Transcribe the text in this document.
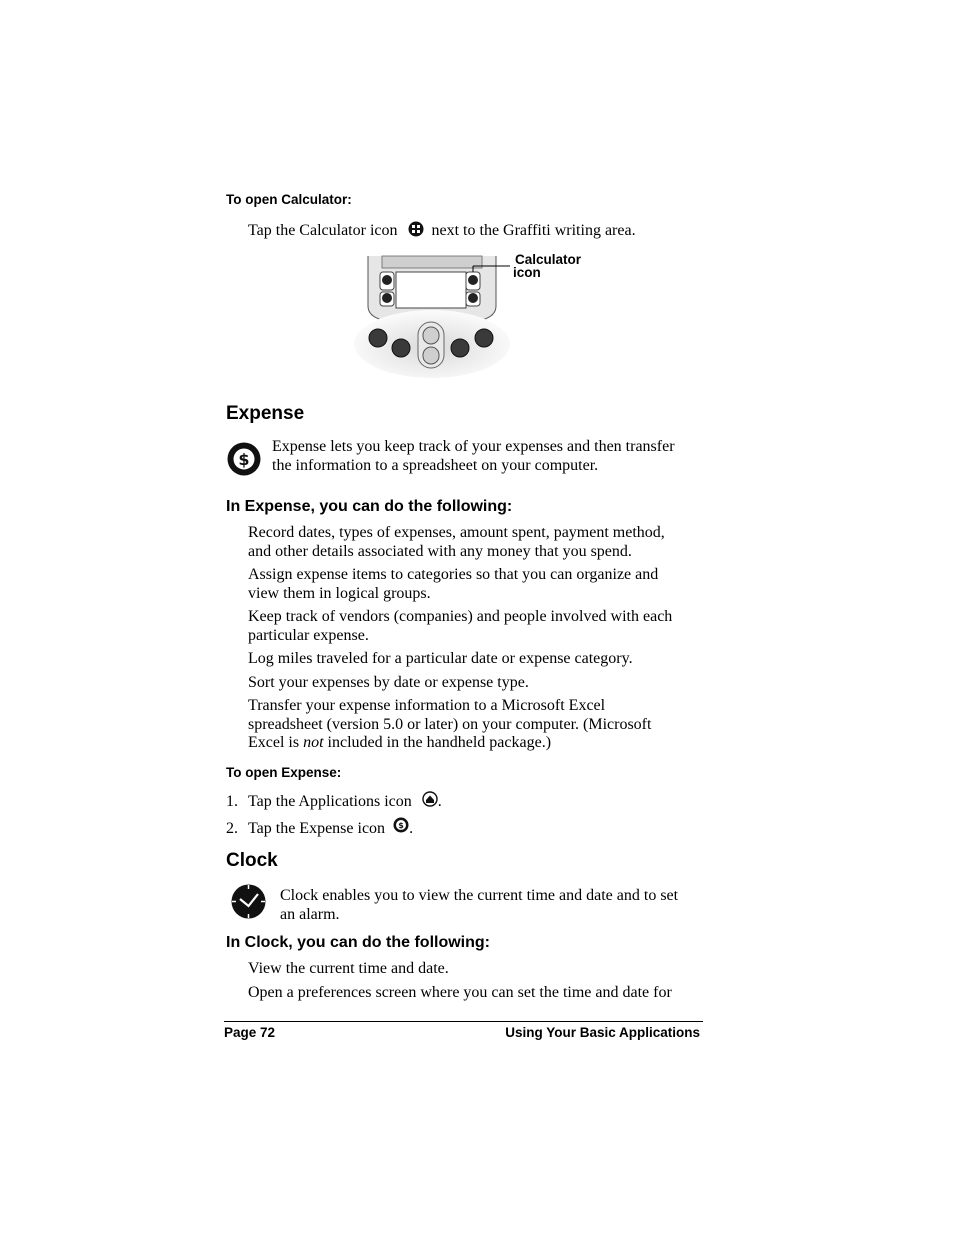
To open Calculator:
Tap the Calculator icon next to the Graffiti writing area.
Calculator
icon
Expense
$
Expense lets you keep track of your expenses and then transfer
the information to a spreadsheet on your computer.
In Expense, you can do the following:
Record dates, types of expenses, amount spent, payment method,
and other details associated with any money that you spend.
Assign expense items to categories so that you can organize and
view them in logical groups.
Keep track of vendors (companies) and people involved with each
particular expense.
Log miles traveled for a particular date or expense category.
Sort your expenses by date or expense type.
Transfer your expense information to a Microsoft Excel
spreadsheet (version 5.0 or later) on your computer. (Microsoft
Excel is not included in the handheld package.)
To open Expense:
1. Tap the Applications icon .
2. Tap the Expense icon $ .
Clock
Clock enables you to view the current time and date and to set
an alarm.
In Clock, you can do the following:
View the current time and date.
Open a preferences screen where you can set the time and date for
Page 72	Using Your Basic Applications
